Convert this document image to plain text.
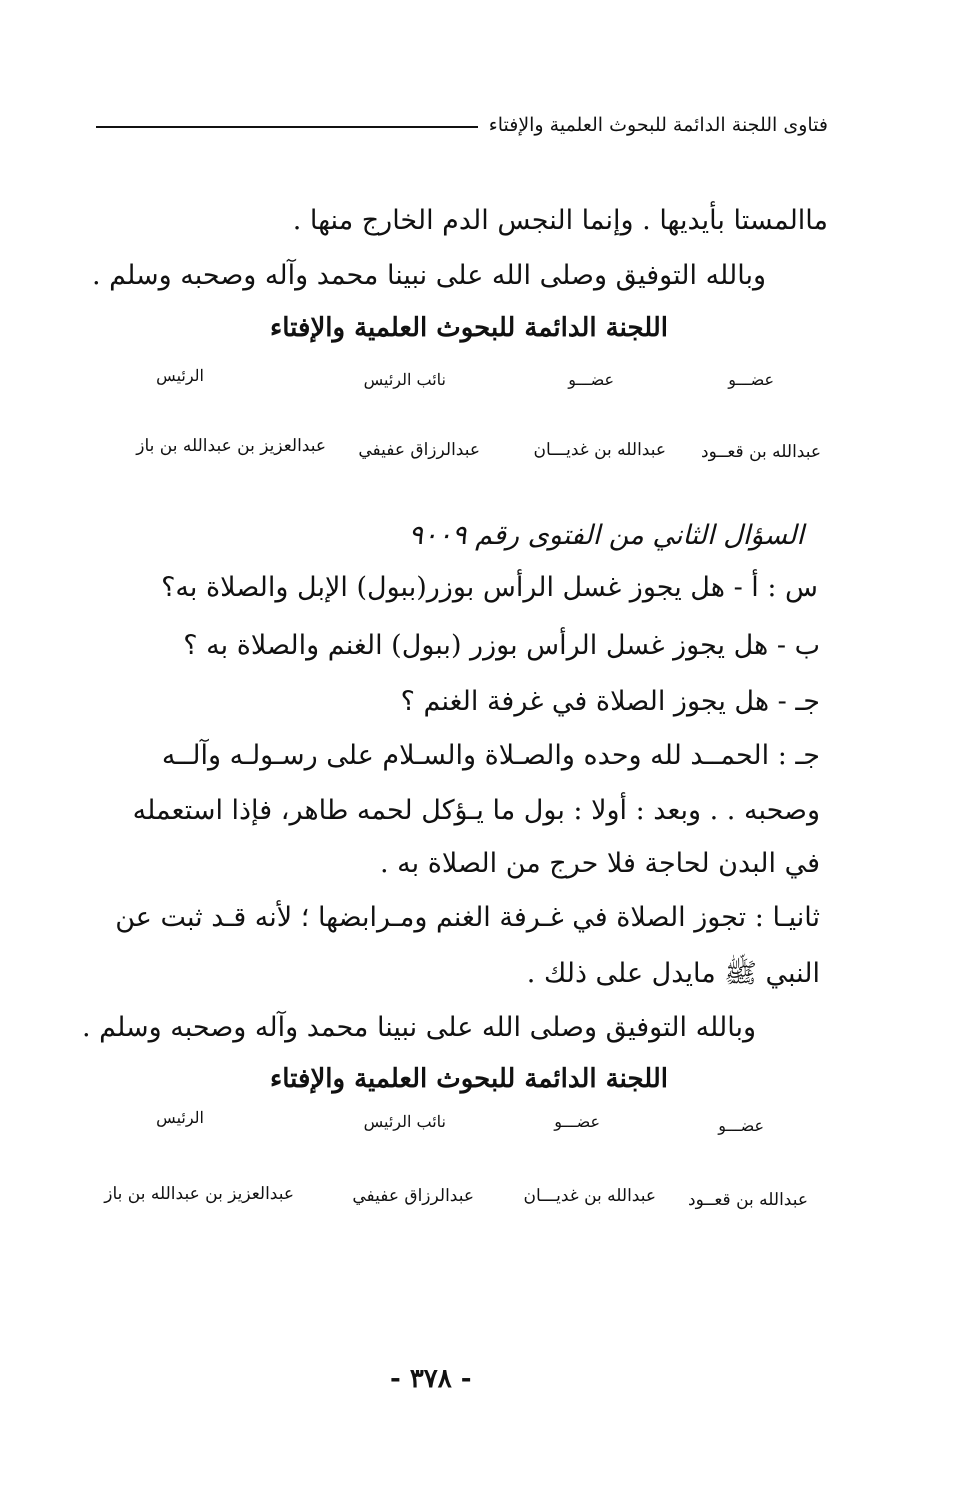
فتاوى اللجنة الدائمة للبحوث العلمية والإفتاء
ماالمستا بأيديها . وإنما النجس الدم الخارج منها .
وبالله التوفيق وصلى الله على نبينا محمد وآله وصحبه وسلم .
اللجنة الدائمة للبحوث العلمية والإفتاء
عضـــو
عضـــو
نائب الرئيس
الرئيس
عبدالله بن قعــود
عبدالله بن غديـــان
عبدالرزاق عفيفي
عبدالعزيز بن عبدالله بن باز
السؤال الثاني من الفتوى رقم ٩٠٠٩
س : أ - هل يجوز غسل الرأس بوزر(ببول) الإبل والصلاة به؟
ب - هل يجوز غسل الرأس بوزر (ببول) الغنم والصلاة به ؟
جـ - هل يجوز الصلاة في غرفة الغنم ؟
جـ : الحمــد لله وحده والصـلاة والسـلام على رسـولـه وآلــه
وصحبه . . وبعد : أولا : بول ما يـؤكل لحمه طاهر، فإذا استعمله
في البدن لحاجة فلا حرج من الصلاة به .
ثانيـا : تجوز الصلاة في غـرفة الغنم ومـرابضها ؛ لأنه قـد ثبت عن
النبي ﷺ مايدل على ذلك .
وبالله التوفيق وصلى الله على نبينا محمد وآله وصحبه وسلم .
اللجنة الدائمة للبحوث العلمية والإفتاء
عضـــو
عضـــو
نائب الرئيس
الرئيس
عبدالله بن قعــود
عبدالله بن غديـــان
عبدالرزاق عفيفي
عبدالعزيز بن عبدالله بن باز
- ٣٧٨ -
